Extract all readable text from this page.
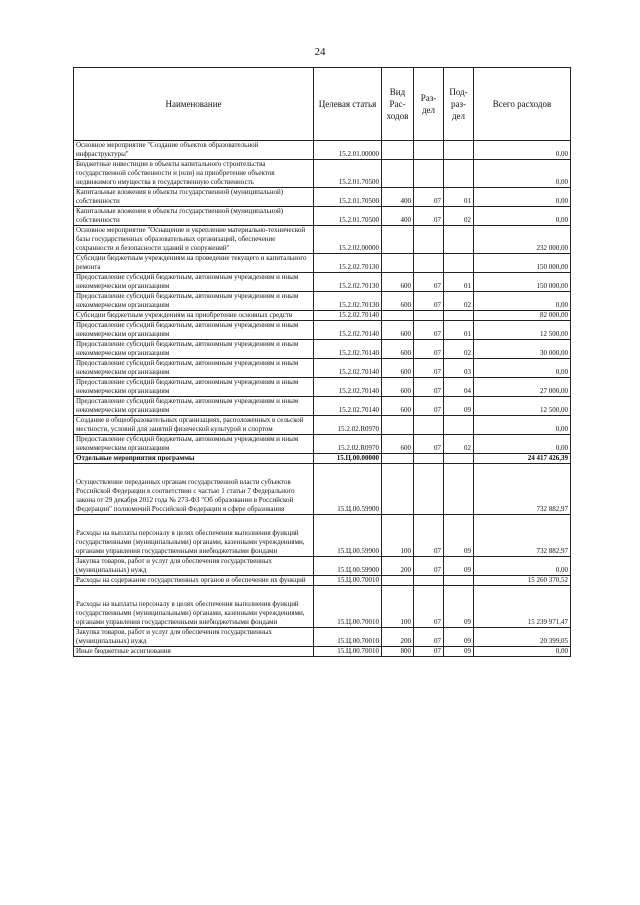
24
Наименование	Целевая статья	Вид Рас-ходов	Раз-дел	Под-раз-дел	Всего расходов
Основное мероприятие "Создание объектов образовательной инфраструктуры"	15.2.01.00000				0,00
Бюджетные инвестиции в объекты капитального строительства государственной собственности и (или) на приобретение объектов недвижимого имущества в государственную собственность	15.2.01.70500				0,00
Капитальные вложения в объекты государственной (муниципальной) собственности	15.2.01.70500	400	07	01	0,00
Капитальные вложения в объекты государственной (муниципальной) собственности	15.2.01.70500	400	07	02	0,00
Основное мероприятие "Оснащение и укрепление материально-технической базы государственных образовательных организаций, обеспечение сохранности и безопасности зданий и сооружений"	15.2.02.00000				232 000,00
Субсидии бюджетным учреждениям на проведение текущего и капитального ремонта	15.2.02.70130				150 000,00
Предоставление субсидий бюджетным, автономным учреждениям и иным некоммерческим организациям	15.2.02.70130	600	07	01	150 000,00
Предоставление субсидий бюджетным, автономным учреждениям и иным некоммерческим организациям	15.2.02.70130	600	07	02	0,00
Субсидии бюджетным учреждениям на приобретение основных средств	15.2.02.70140				82 000,00
Предоставление субсидий бюджетным, автономным учреждениям и иным некоммерческим организациям	15.2.02.70140	600	07	01	12 500,00
Предоставление субсидий бюджетным, автономным учреждениям и иным некоммерческим организациям	15.2.02.70140	600	07	02	30 000,00
Предоставление субсидий бюджетным, автономным учреждениям и иным некоммерческим организациям	15.2.02.70140	600	07	03	0,00
Предоставление субсидий бюджетным, автономным учреждениям и иным некоммерческим организациям	15.2.02.70140	600	07	04	27 000,00
Предоставление субсидий бюджетным, автономным учреждениям и иным некоммерческим организациям	15.2.02.70140	600	07	09	12 500,00
Создание в общеобразовательных организациях, расположенных в сельской местности, условий для занятий физической культурой и спортом	15.2.02.R0970				0,00
Предоставление субсидий бюджетным, автономным учреждениям и иным некоммерческим организациям	15.2.02.R0970	600	07	02	0,00
Отдельные мероприятия программы	15.Ц.00.00000				24 417 426,39
Осуществление переданных органам государственной власти субъектов Российской Федерации в соответствии с частью 1 статьи 7 Федерального закона от 29 декабря 2012 года № 273-ФЗ "Об образовании в Российской Федерации" полномочий Российской Федерации в сфере образования	15.Ц.00.59900				732 882,97
Расходы на выплаты персоналу в целях обеспечения выполнения функций государственными (муниципальными) органами, казенными учреждениями, органами управления государственными внебюджетными фондами	15.Ц.00.59900	100	07	09	732 882,97
Закупка товаров, работ и услуг для обеспечения государственных (муниципальных) нужд	15.Ц.00.59900	200	07	09	0,00
Расходы на содержание государственных органов и обеспечение их функций	15.Ц.00.70010				15 260 370,52
Расходы на выплаты персоналу в целях обеспечения выполнения функций государственными (муниципальными) органами, казенными учреждениями, органами управления государственными внебюджетными фондами	15.Ц.00.70010	100	07	09	15 239 971,47
Закупка товаров, работ и услуг для обеспечения государственных (муниципальных) нужд	15.Ц.00.70010	200	07	09	20 399,05
Иные бюджетные ассигнования	15.Ц.00.70010	800	07	09	0,00
